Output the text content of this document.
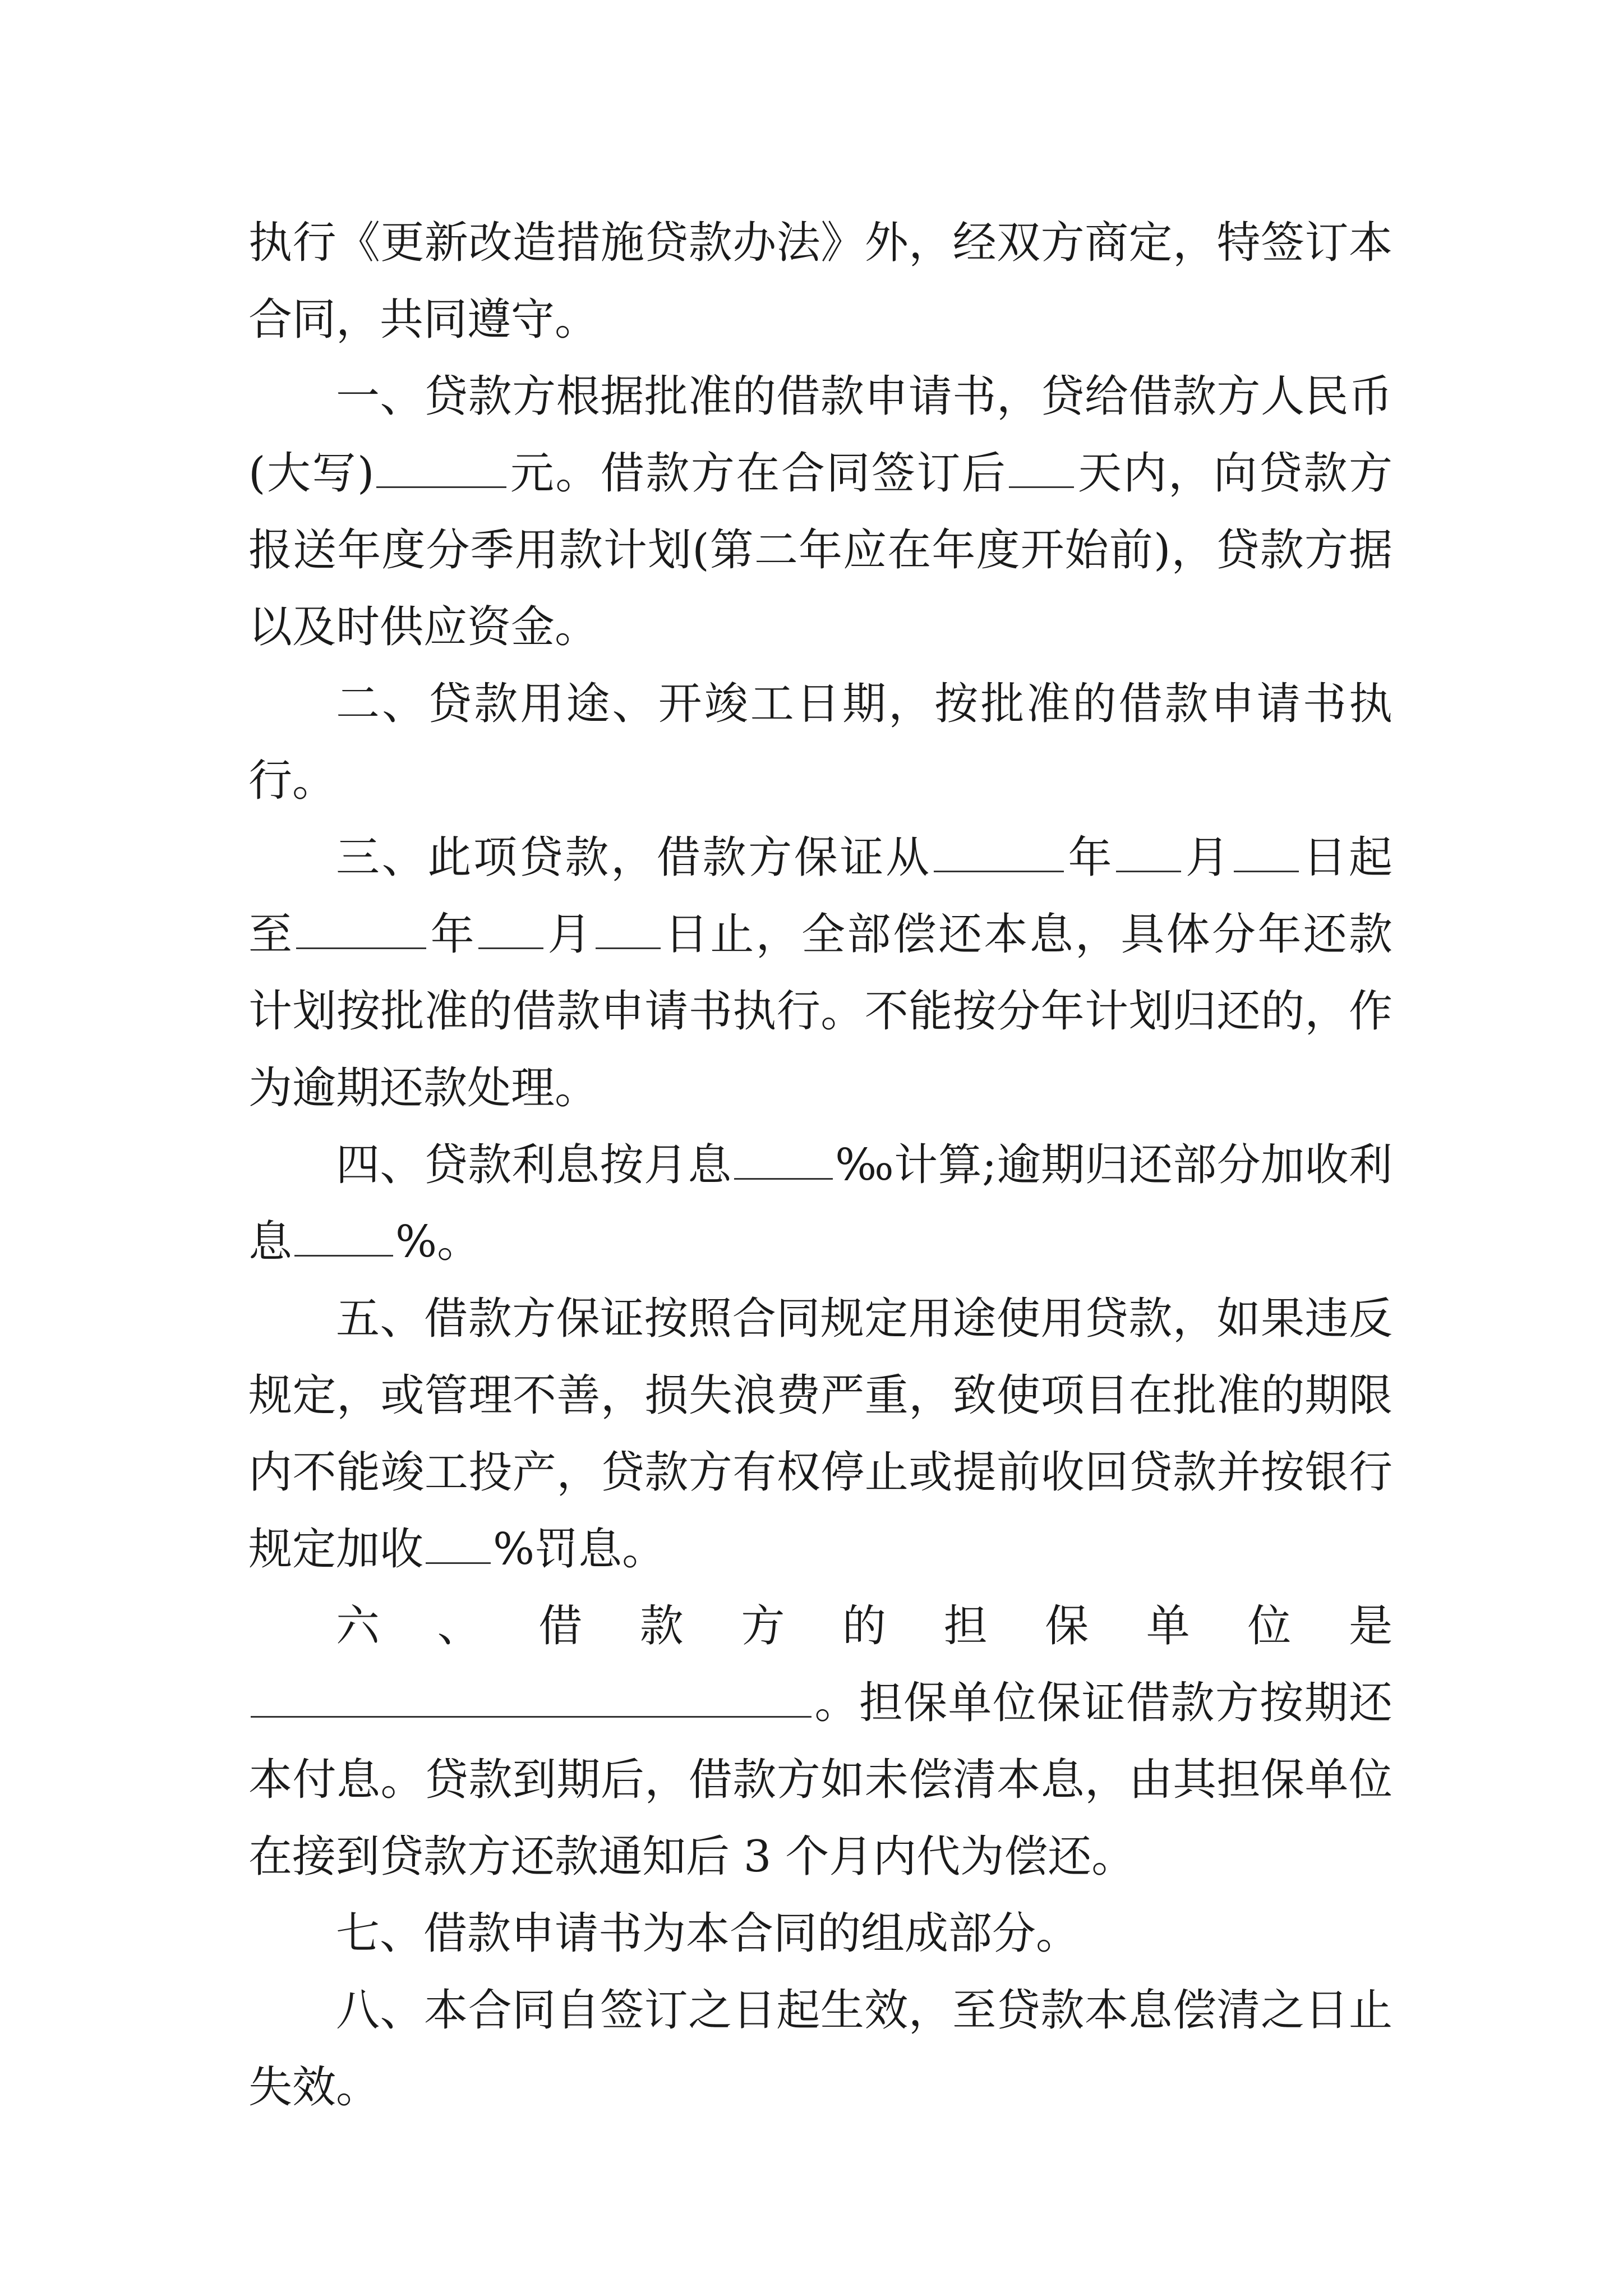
执行《更新改造措施贷款办法》外，经双方商定，特签订本合同，共同遵守。

一、贷款方根据批准的借款申请书，贷给借款方人民币(大写)	元。借款方在合同签订后 天内，向贷款方报送年度分季用款计划(第二年应在年度开始前)，贷款方据以及时供应资金。

二、贷款用途、开竣工日期，按批准的借款申请书执行。

三、此项贷款，借款方保证从	年 月 日起至	年 月 日止，全部偿还本息，具体分年还款计划按批准的借款申请书执行。不能按分年计划归还的，作为逾期还款处理。

四、贷款利息按月息 ‰计算;逾期归还部分加收利息 %。

五、借款方保证按照合同规定用途使用贷款，如果违反规定，或管理不善，损失浪费严重，致使项目在批准的期限内不能竣工投产，贷款方有权停止或提前收回贷款并按银行规定加收 %罚息。

六、借款方的担保单位是

。担保单位保证借款方按期还本付息。贷款到期后，借款方如未偿清本息，由其担保单位在接到贷款方还款通知后 3 个月内代为偿还。

七、借款申请书为本合同的组成部分。

八、本合同自签订之日起生效，至贷款本息偿清之日止失效。
